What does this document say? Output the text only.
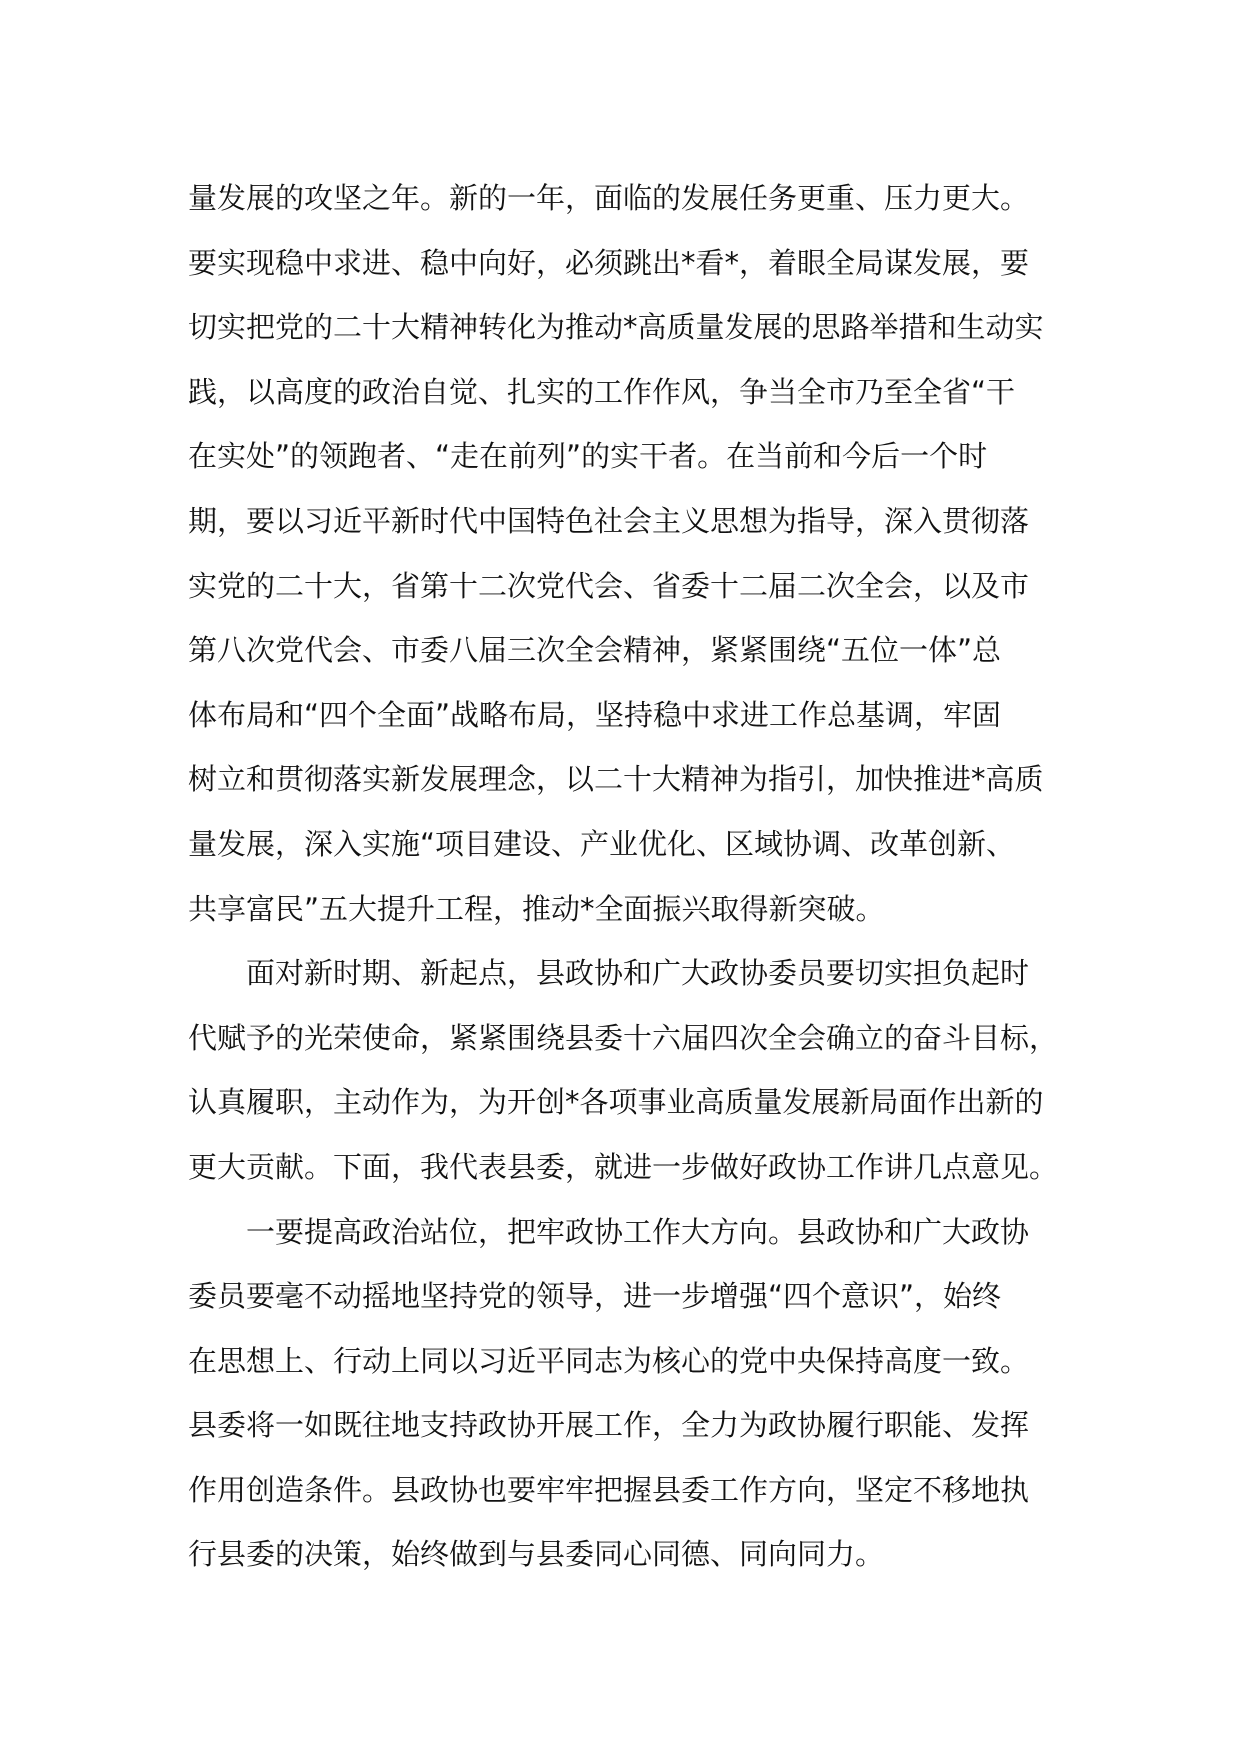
量发展的攻坚之年。新的一年，面临的发展任务更重、压力更大。
要实现稳中求进、稳中向好，必须跳出*看*，着眼全局谋发展，要
切实把党的二十大精神转化为推动*高质量发展的思路举措和生动实
践，以高度的政治自觉、扎实的工作作风，争当全市乃至全省“干
在实处”的领跑者、“走在前列”的实干者。在当前和今后一个时
期，要以习近平新时代中国特色社会主义思想为指导，深入贯彻落
实党的二十大，省第十二次党代会、省委十二届二次全会，以及市
第八次党代会、市委八届三次全会精神，紧紧围绕“五位一体”总
体布局和“四个全面”战略布局，坚持稳中求进工作总基调，牢固
树立和贯彻落实新发展理念，以二十大精神为指引，加快推进*高质
量发展，深入实施“项目建设、产业优化、区域协调、改革创新、
共享富民”五大提升工程，推动*全面振兴取得新突破。
面对新时期、新起点，县政协和广大政协委员要切实担负起时
代赋予的光荣使命，紧紧围绕县委十六届四次全会确立的奋斗目标，
认真履职，主动作为，为开创*各项事业高质量发展新局面作出新的
更大贡献。下面，我代表县委，就进一步做好政协工作讲几点意见。
一要提高政治站位，把牢政协工作大方向。县政协和广大政协
委员要毫不动摇地坚持党的领导，进一步增强“四个意识”，始终
在思想上、行动上同以习近平同志为核心的党中央保持高度一致。
县委将一如既往地支持政协开展工作，全力为政协履行职能、发挥
作用创造条件。县政协也要牢牢把握县委工作方向，坚定不移地执
行县委的决策，始终做到与县委同心同德、同向同力。
